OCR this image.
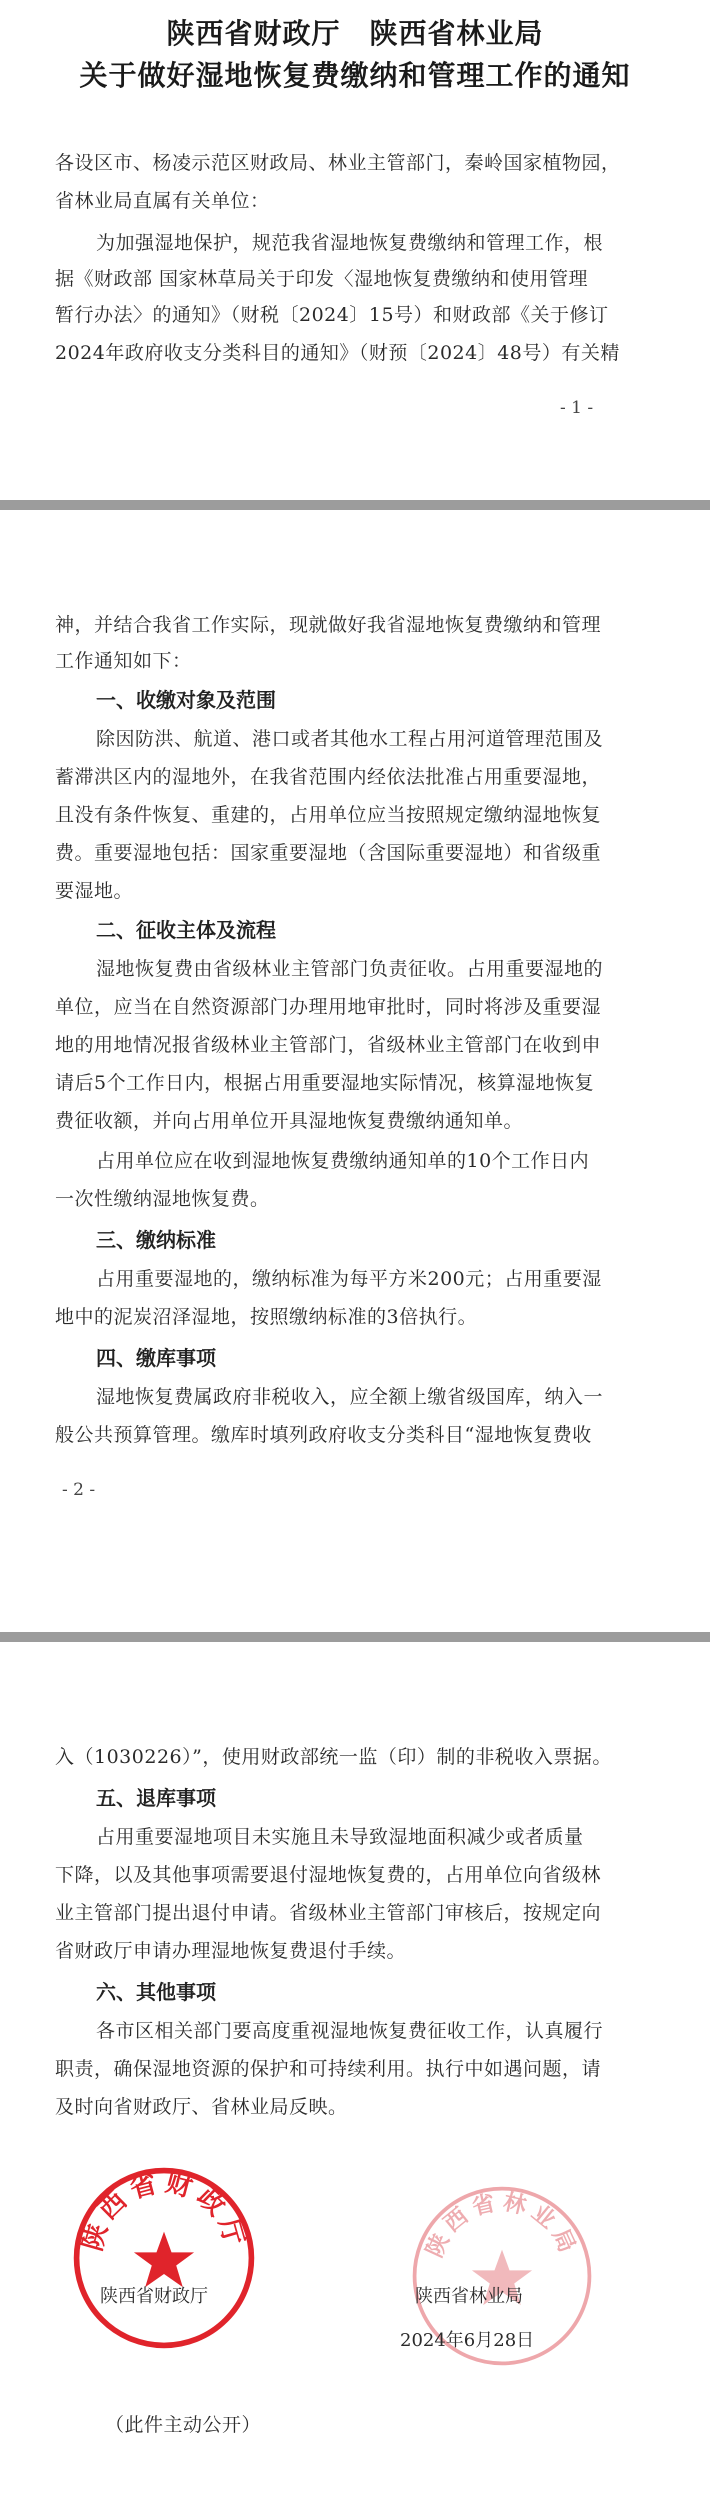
陕西省财政厅　陕西省林业局
关于做好湿地恢复费缴纳和管理工作的通知
各设区市、杨凌示范区财政局、林业主管部门，秦岭国家植物园，
省林业局直属有关单位：
为加强湿地保护，规范我省湿地恢复费缴纳和管理工作，根
据《财政部 国家林草局关于印发〈湿地恢复费缴纳和使用管理
暂行办法〉的通知》（财税〔2024〕15号）和财政部《关于修订
2024年政府收支分类科目的通知》（财预〔2024〕48号）有关精
- 1 -
神，并结合我省工作实际，现就做好我省湿地恢复费缴纳和管理
工作通知如下：
一、收缴对象及范围
除因防洪、航道、港口或者其他水工程占用河道管理范围及
蓄滞洪区内的湿地外，在我省范围内经依法批准占用重要湿地，
且没有条件恢复、重建的，占用单位应当按照规定缴纳湿地恢复
费。重要湿地包括：国家重要湿地（含国际重要湿地）和省级重
要湿地。
二、征收主体及流程
湿地恢复费由省级林业主管部门负责征收。占用重要湿地的
单位，应当在自然资源部门办理用地审批时，同时将涉及重要湿
地的用地情况报省级林业主管部门，省级林业主管部门在收到申
请后5个工作日内，根据占用重要湿地实际情况，核算湿地恢复
费征收额，并向占用单位开具湿地恢复费缴纳通知单。
占用单位应在收到湿地恢复费缴纳通知单的10个工作日内
一次性缴纳湿地恢复费。
三、缴纳标准
占用重要湿地的，缴纳标准为每平方米200元；占用重要湿
地中的泥炭沼泽湿地，按照缴纳标准的3倍执行。
四、缴库事项
湿地恢复费属政府非税收入，应全额上缴省级国库，纳入一
般公共预算管理。缴库时填列政府收支分类科目“湿地恢复费收
- 2 -
入（1030226）”，使用财政部统一监（印）制的非税收入票据。
五、退库事项
占用重要湿地项目未实施且未导致湿地面积减少或者质量
下降，以及其他事项需要退付湿地恢复费的，占用单位向省级林
业主管部门提出退付申请。省级林业主管部门审核后，按规定向
省财政厅申请办理湿地恢复费退付手续。
六、其他事项
各市区相关部门要高度重视湿地恢复费征收工作，认真履行
职责，确保湿地资源的保护和可持续利用。执行中如遇问题，请
及时向省财政厅、省林业局反映。
陕西省财政厅	陕西省林业局
陕西省财政厅	陕西省林业局
2024年6月28日
（此件主动公开）
